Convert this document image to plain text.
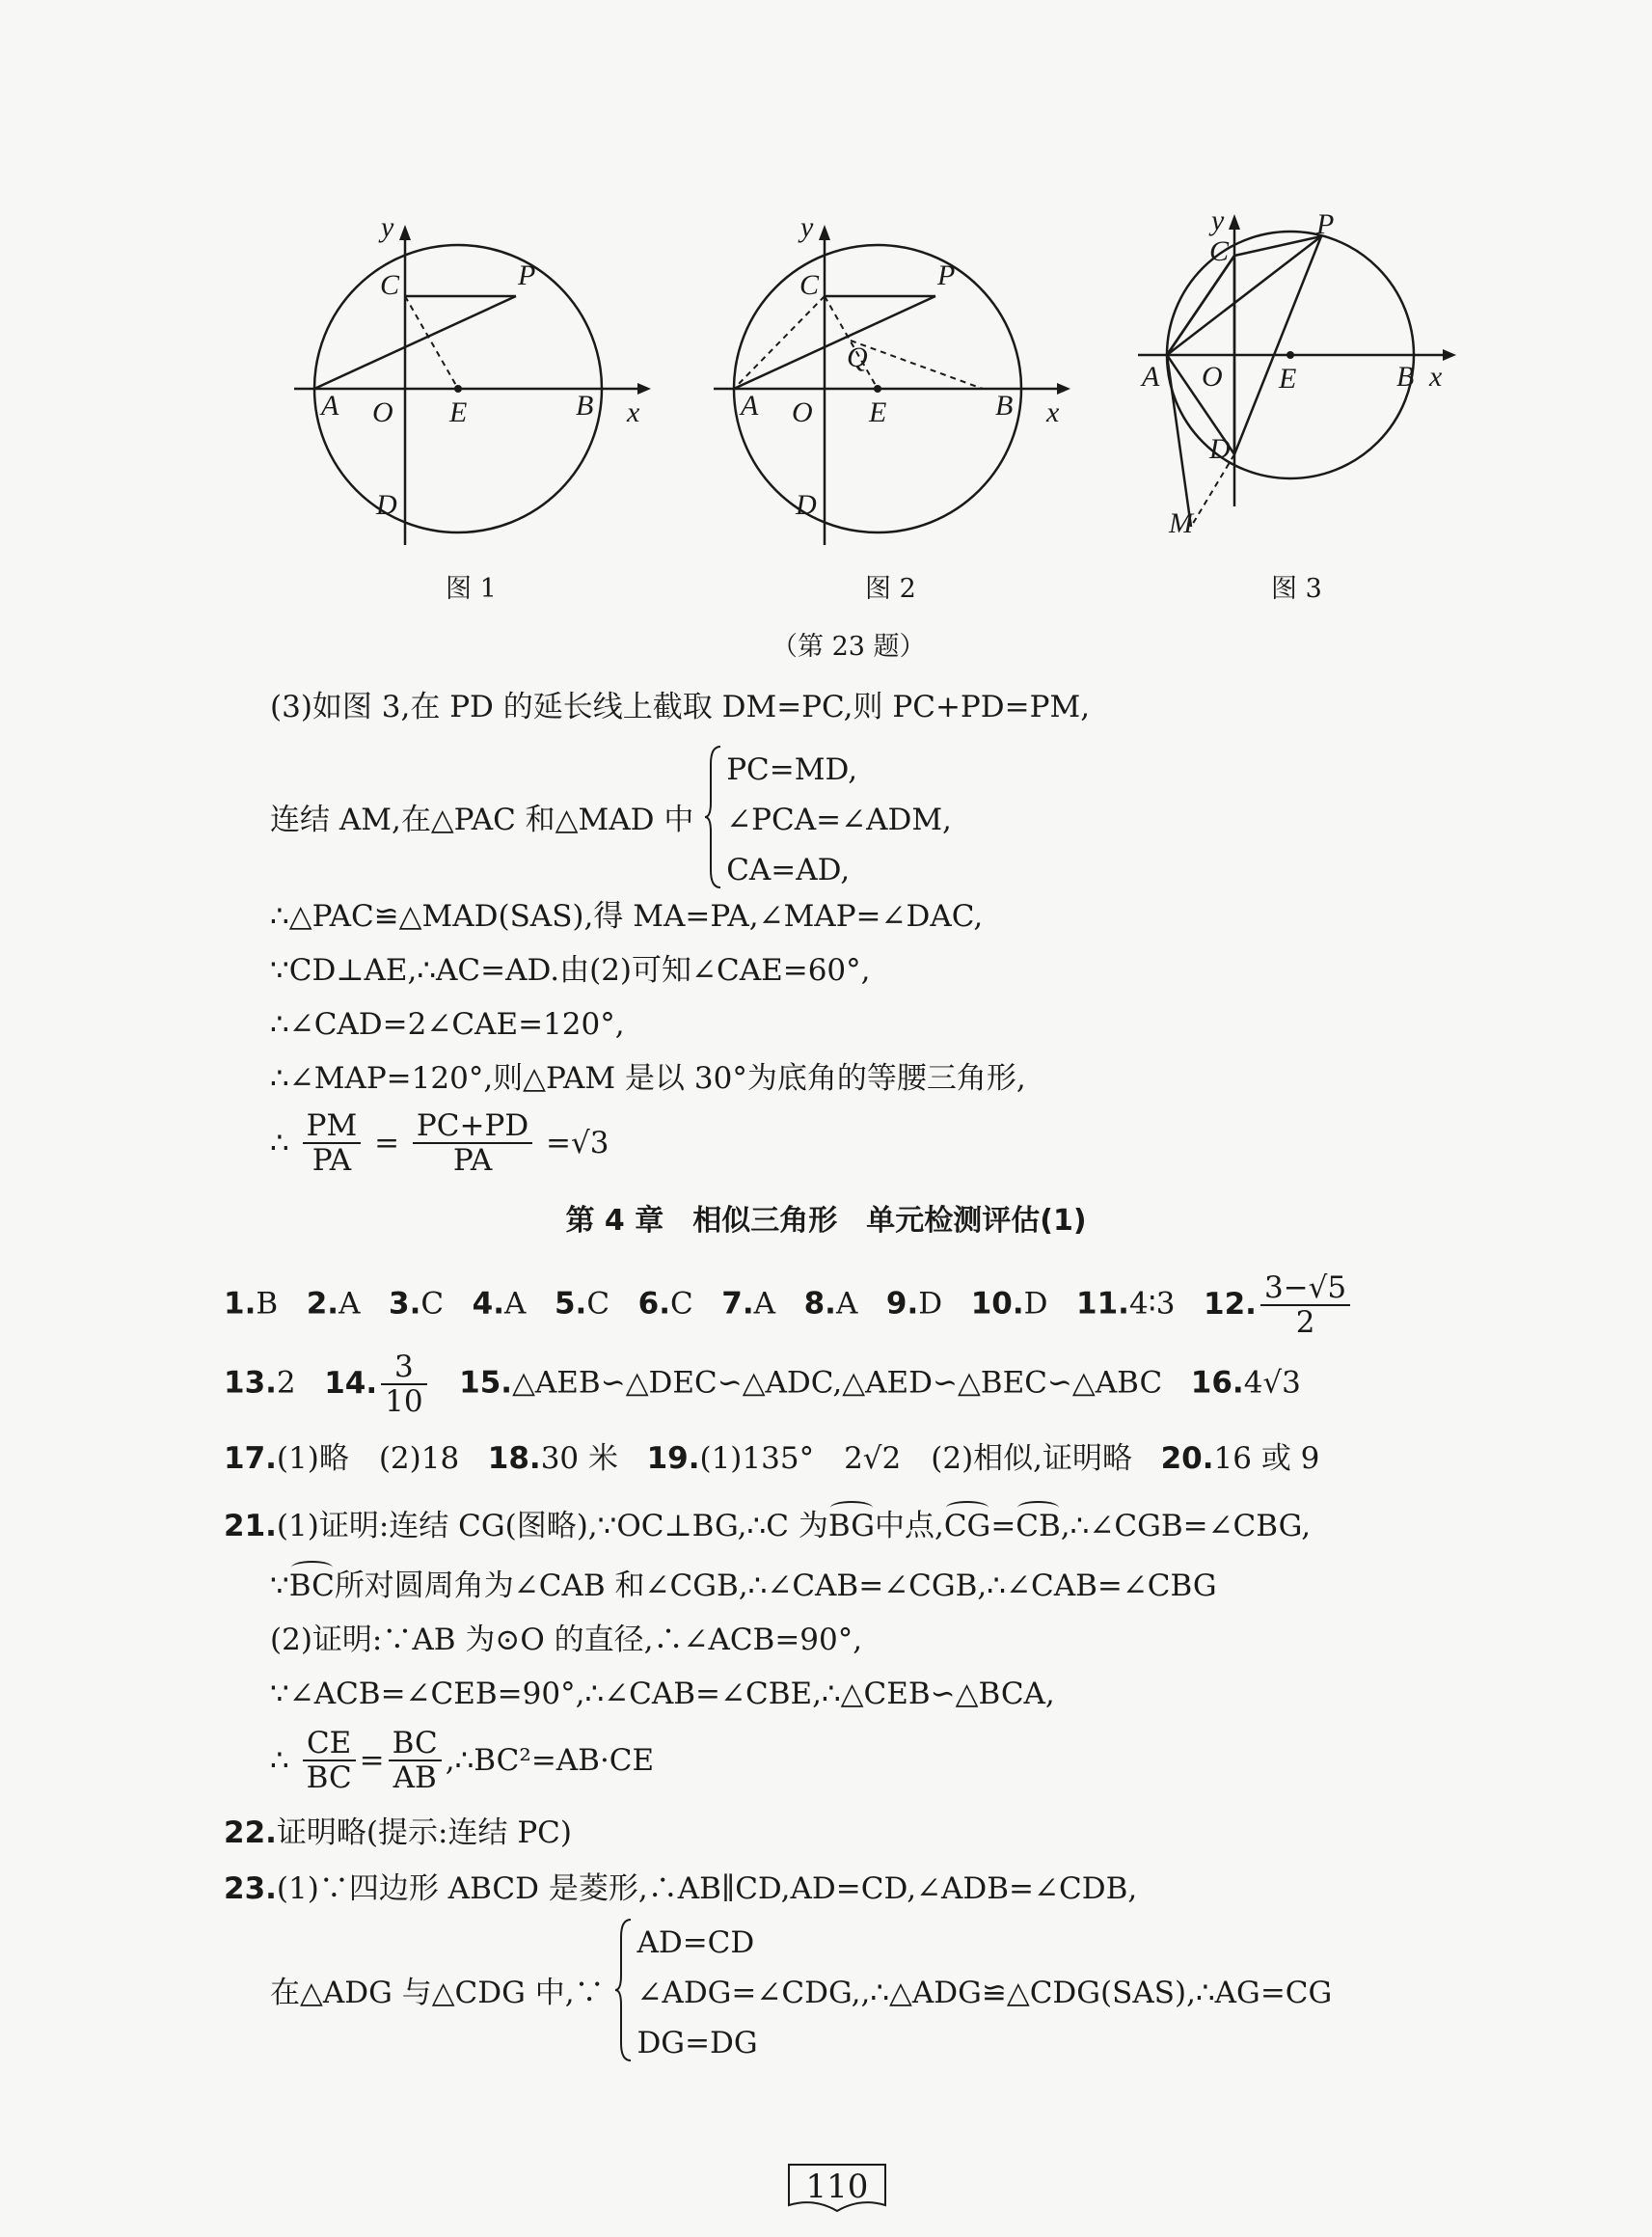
y
x
C	P
A O E	B
D
图 1
y
x
C	P
Q
A O E	B
D
图 2
y
x
C
P
A O E	B
D
M
图 3
（第 23 题）
(3)如图 3,在 PD 的延长线上截取 DM=PC,则 PC+PD=PM,
连结 AM,在△PAC 和△MAD 中
PC=MD,
∠PCA=∠ADM,
CA=AD,
∴△PAC≌△MAD(SAS),得 MA=PA,∠MAP=∠DAC,
∵CD⊥AE,∴AC=AD.由(2)可知∠CAE=60°,
∴∠CAD=2∠CAE=120°,
∴∠MAP=120°,则△PAM 是以 30°为底角的等腰三角形,
∴ $\frac{PM}{PA} = \frac{PC+PD}{PA} =√3$
第 4 章　相似三角形　单元检测评估(1)
1.B 2.A 3.C 4.A 5.C 6.C 7.A 8.A 9.D 10.D 11.4∶3 12. $\frac{3-√5}{2}$
13.2 14. $\frac{3}{10}$ 15.△AEB∽△DEC∽△ADC,△AED∽△BEC∽△ABC 16.4√3
17.(1)略　(2)18 18.30 米 19.(1)135°　2√2　(2)相似,证明略 20.16 或 9
21.(1)证明:连结 CG(图略),∵OC⊥BG,∴C 为BG中点,CG=CB,∴∠CGB=∠CBG,
∵BC所对圆周角为∠CAB 和∠CGB,∴∠CAB=∠CGB,∴∠CAB=∠CBG
(2)证明:∵AB 为⊙O 的直径,∴∠ACB=90°,
∵∠ACB=∠CEB=90°,∴∠CAB=∠CBE,∴△CEB∽△BCA,
∴ $\frac{CE}{BC} = \frac{BC}{AB}$ ,∴BC²=AB·CE
22.证明略(提示:连结 PC)
23.(1)∵四边形 ABCD 是菱形,∴AB∥CD,AD=CD,∠ADB=∠CDB,
在△ADG 与△CDG 中,∵
AD=CD
∠ADG=∠CDG,
DG=DG
,∴△ADG≌△CDG(SAS),∴AG=CG
110
